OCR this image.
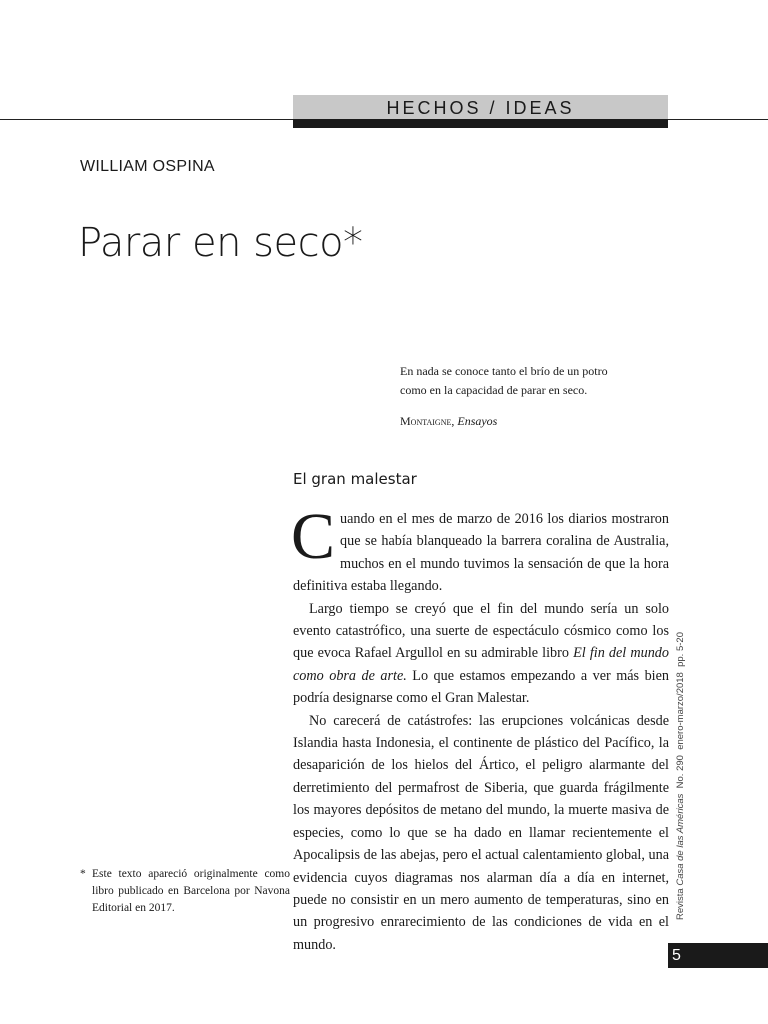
HECHOS / IDEAS
WILLIAM OSPINA
Parar en seco*
En nada se conoce tanto el brío de un potro
como en la capacidad de parar en seco.
Montaigne, Ensayos
El gran malestar

Cuando en el mes de marzo de 2016 los diarios mostraron que se había blanqueado la barrera coralina de Australia, muchos en el mundo tuvimos la sensación de que la hora definitiva estaba llegando.

Largo tiempo se creyó que el fin del mundo sería un solo evento catastrófico, una suerte de espectáculo cósmico como los que evoca Rafael Argullol en su admirable libro El fin del mundo como obra de arte. Lo que estamos empezando a ver más bien podría designarse como el Gran Malestar.

No carecerá de catástrofes: las erupciones volcánicas desde Islandia hasta Indonesia, el continente de plástico del Pacífico, la desaparición de los hielos del Ártico, el peligro alarmante del derretimiento del permafrost de Siberia, que guarda frágilmente los mayores depósitos de metano del mundo, la muerte masiva de especies, como lo que se ha dado en llamar recientemente el Apocalipsis de las abejas, pero el actual calentamiento global, una evidencia cuyos diagramas nos alarman día a día en internet, puede no consistir en un mero aumento de temperaturas, sino en un progresivo enrarecimiento de las condiciones de vida en el mundo.

* Este texto apareció originalmente como libro publicado en Barcelona por Navona Editorial en 2017.	Revista Casa de las Américas  No. 290  enero-marzo/2018  pp. 5-20
5
